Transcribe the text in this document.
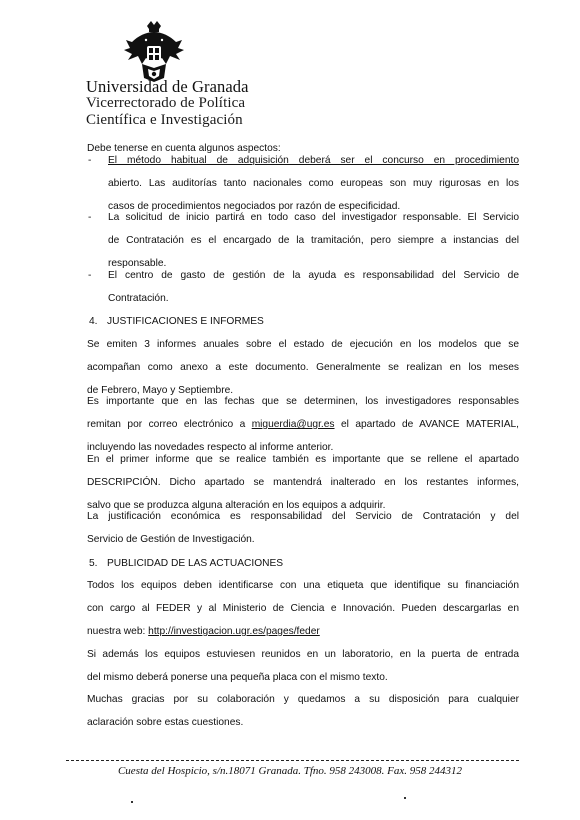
Universidad de Granada
Vicerrectorado de Política
Científica e Investigación
Debe tenerse en cuenta algunos aspectos:
- El método habitual de adquisición deberá ser el concurso en procedimiento
abierto. Las auditorías tanto nacionales como europeas son muy rigurosas en los
casos de procedimientos negociados por razón de especificidad.
- La solicitud de inicio partirá en todo caso del investigador responsable. El Servicio
de Contratación es el encargado de la tramitación, pero siempre a instancias del
responsable.
- El centro de gasto de gestión de la ayuda es responsabilidad del Servicio de
Contratación.
4. JUSTIFICACIONES E INFORMES
Se emiten 3 informes anuales sobre el estado de ejecución en los modelos que se
acompañan como anexo a este documento. Generalmente se realizan en los meses
de Febrero, Mayo y Septiembre.
Es importante que en las fechas que se determinen, los investigadores responsables
remitan por correo electrónico a miguerdia@ugr.es el apartado de AVANCE MATERIAL,
incluyendo las novedades respecto al informe anterior.
En el primer informe que se realice también es importante que se rellene el apartado
DESCRIPCIÓN. Dicho apartado se mantendrá inalterado en los restantes informes,
salvo que se produzca alguna alteración en los equipos a adquirir.
La justificación económica es responsabilidad del Servicio de Contratación y del
Servicio de Gestión de Investigación.
5. PUBLICIDAD DE LAS ACTUACIONES
Todos los equipos deben identificarse con una etiqueta que identifique su financiación
con cargo al FEDER y al Ministerio de Ciencia e Innovación. Pueden descargarlas en
nuestra web: http://investigacion.ugr.es/pages/feder
Si además los equipos estuviesen reunidos en un laboratorio, en la puerta de entrada
del mismo deberá ponerse una pequeña placa con el mismo texto.
Muchas gracias por su colaboración y quedamos a su disposición para cualquier
aclaración sobre estas cuestiones.
Cuesta del Hospicio, s/n.18071 Granada. Tfno. 958 243008. Fax. 958 244312
